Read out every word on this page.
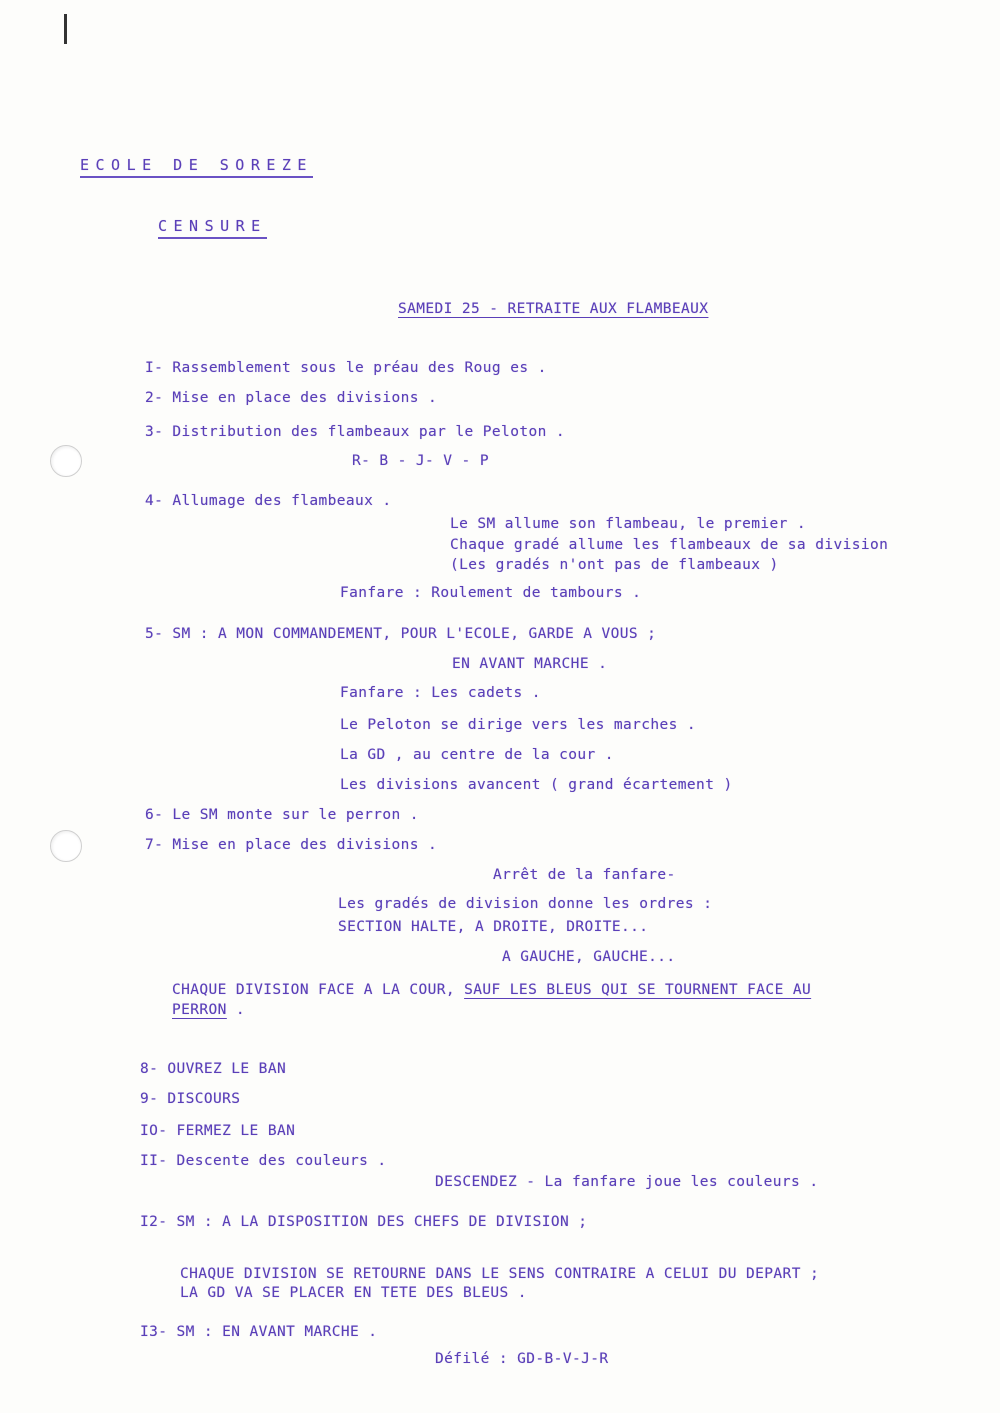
ECOLE DE SOREZE
CENSURE
SAMEDI 25 - RETRAITE AUX FLAMBEAUX
I- Rassemblement sous le préau des Roug es .
2- Mise en place des divisions .
3- Distribution des flambeaux par le Peloton .
R- B - J- V - P
4- Allumage des flambeaux .
Le SM allume son flambeau, le premier .
Chaque gradé allume les flambeaux de sa division
(Les gradés n'ont pas de flambeaux )
Fanfare : Roulement de tambours .
5- SM : A MON COMMANDEMENT, POUR L'ECOLE, GARDE A VOUS ;
EN AVANT MARCHE .
Fanfare : Les cadets .
Le Peloton se dirige vers les marches .
La GD , au centre de la cour .
Les divisions avancent ( grand écartement )
6- Le SM monte sur le perron .
7- Mise en place des divisions .
Arrêt de la fanfare-
Les gradés de division donne les ordres :
SECTION HALTE, A DROITE, DROITE...
A GAUCHE, GAUCHE...
CHAQUE DIVISION FACE A LA COUR, SAUF LES BLEUS QUI SE TOURNENT FACE AU
PERRON .
8- OUVREZ LE BAN
9- DISCOURS
IO- FERMEZ LE BAN
II- Descente des couleurs .
DESCENDEZ - La fanfare joue les couleurs .
I2- SM : A LA DISPOSITION DES CHEFS DE DIVISION ;
CHAQUE DIVISION SE RETOURNE DANS LE SENS CONTRAIRE A CELUI DU DEPART ;
LA GD VA SE PLACER EN TETE DES BLEUS .
I3- SM : EN AVANT MARCHE .
Défilé : GD-B-V-J-R
